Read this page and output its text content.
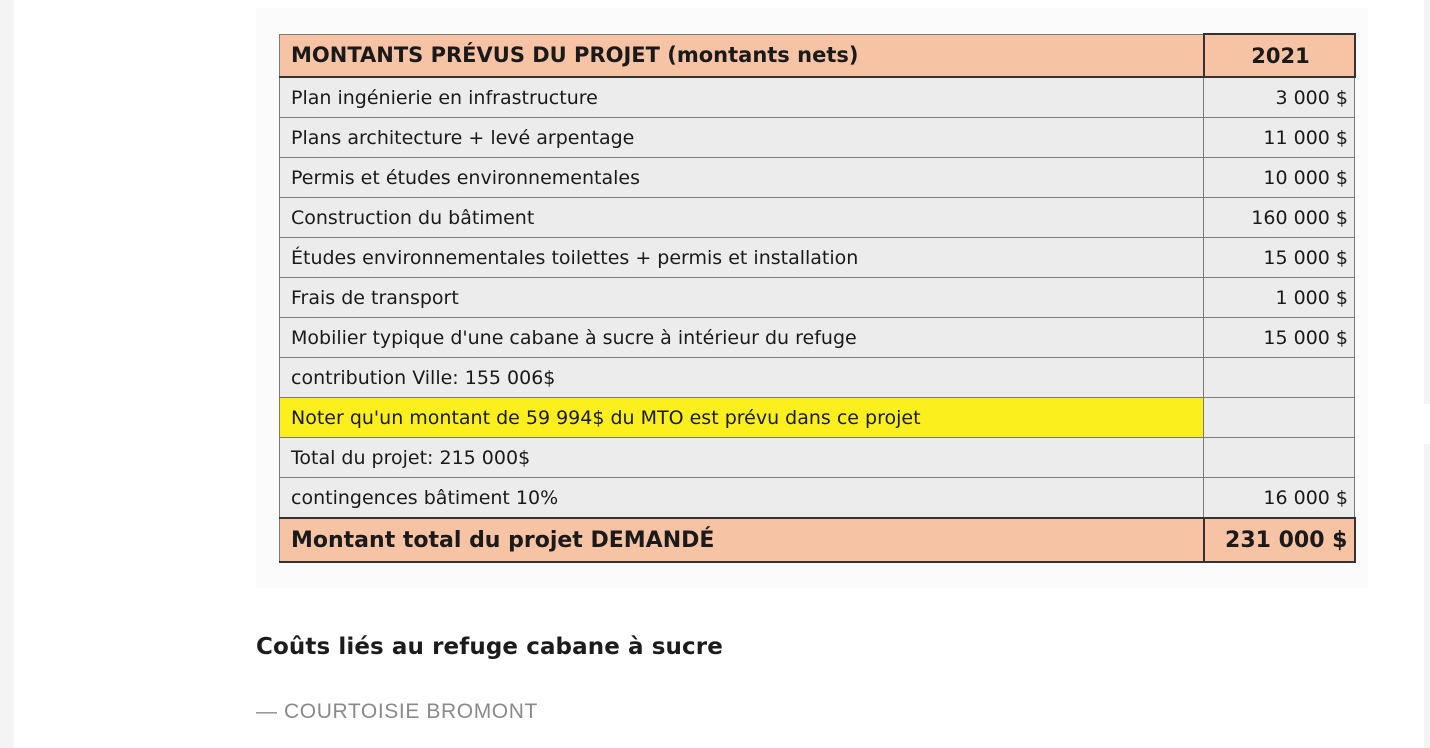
MONTANTS PRÉVUS DU PROJET (montants nets)	2021
Plan ingénierie en infrastructure	3 000 $
Plans architecture + levé arpentage	11 000 $
Permis et études environnementales	10 000 $
Construction du bâtiment	160 000 $
Études environnementales toilettes + permis et installation	15 000 $
Frais de transport	1 000 $
Mobilier typique d'une cabane à sucre à intérieur du refuge	15 000 $
contribution Ville: 155 006$	
Noter qu'un montant de 59 994$ du MTO est prévu dans ce projet	
Total du projet: 215 000$	
contingences bâtiment 10%	16 000 $
Montant total du projet DEMANDÉ	231 000 $
Coûts liés au refuge cabane à sucre
— COURTOISIE BROMONT
